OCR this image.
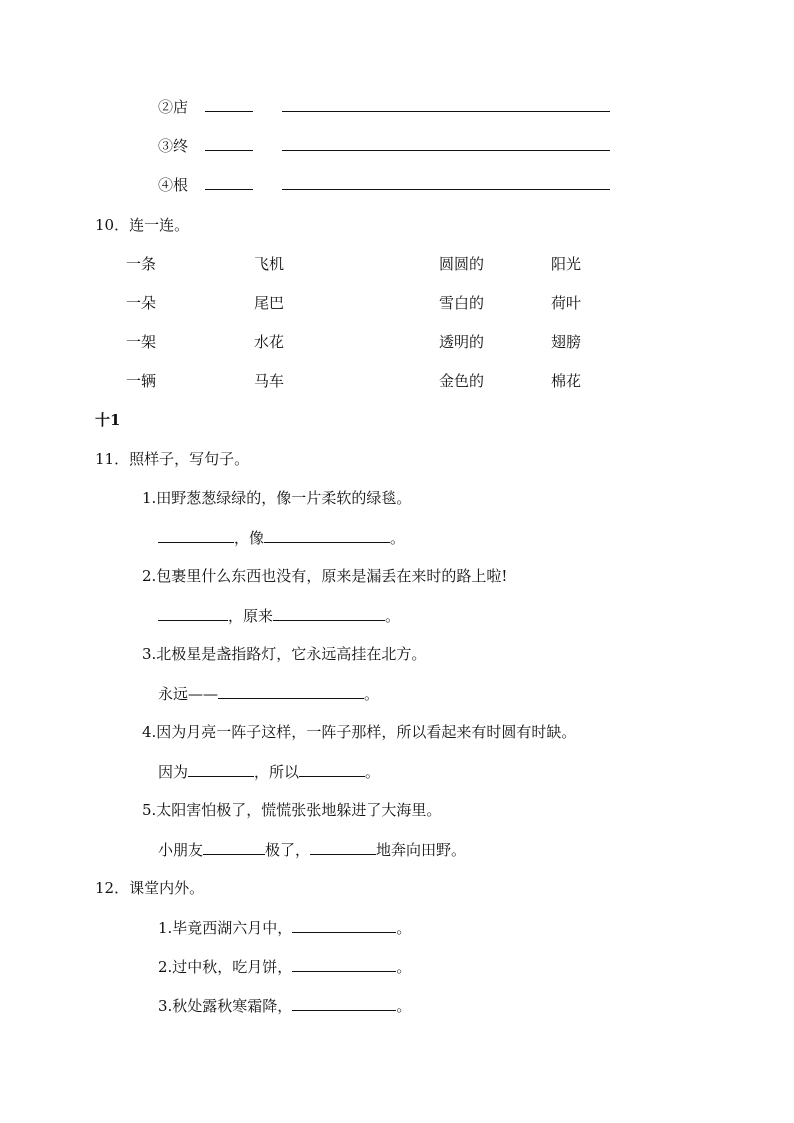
②店
③终
④根
10．连一连。
一条	飞机	圆圆的	阳光
一朵	尾巴	雪白的	荷叶
一架	水花	透明的	翅膀
一辆	马车	金色的	棉花
十1
11．照样子，写句子。
1.田野葱葱绿绿的，像一片柔软的绿毯。
，像	。
2.包裹里什么东西也没有，原来是漏丢在来时的路上啦!
，原来	。
3.北极星是盏指路灯，它永远高挂在北方。
永远——	。
4.因为月亮一阵子这样，一阵子那样，所以看起来有时圆有时缺。
因为	，所以	。
5.太阳害怕极了，慌慌张张地躲进了大海里。
小朋友	极了，	地奔向田野。
12．课堂内外。
1.毕竟西湖六月中，	。
2.过中秋，吃月饼，	。
3.秋处露秋寒霜降，	。
